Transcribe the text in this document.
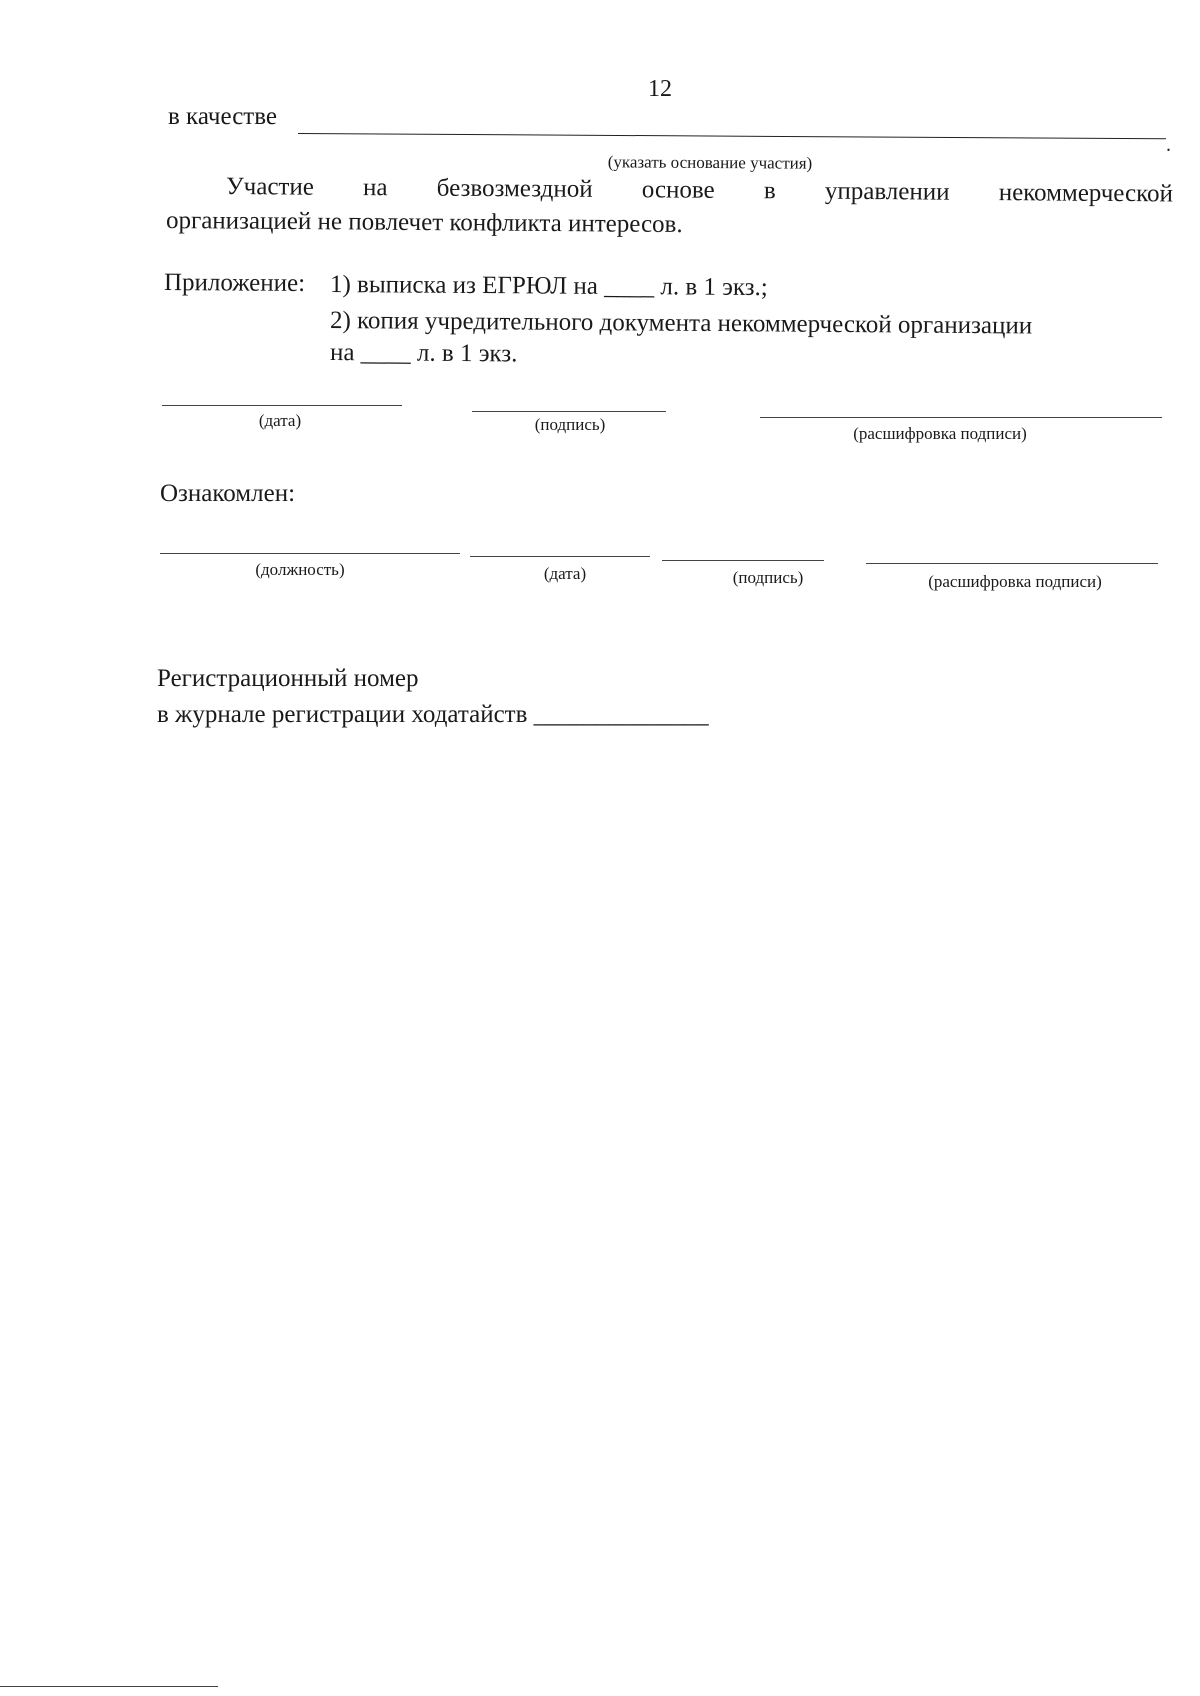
12
в качестве
.
(указать основание участия)
Участие на безвозмездной основе в управлении некоммерческой
организацией не повлечет конфликта интересов.
Приложение: 1) выписка из ЕГРЮЛ на ____ л. в 1 экз.;
2) копия учредительного документа некоммерческой организации
на ____ л. в 1 экз.
(дата)	(подпись)	(расшифровка подписи)
Ознакомлен:
(должность)	(дата)	(подпись)	(расшифровка подписи)
Регистрационный номер
в журнале регистрации ходатайств ______________
